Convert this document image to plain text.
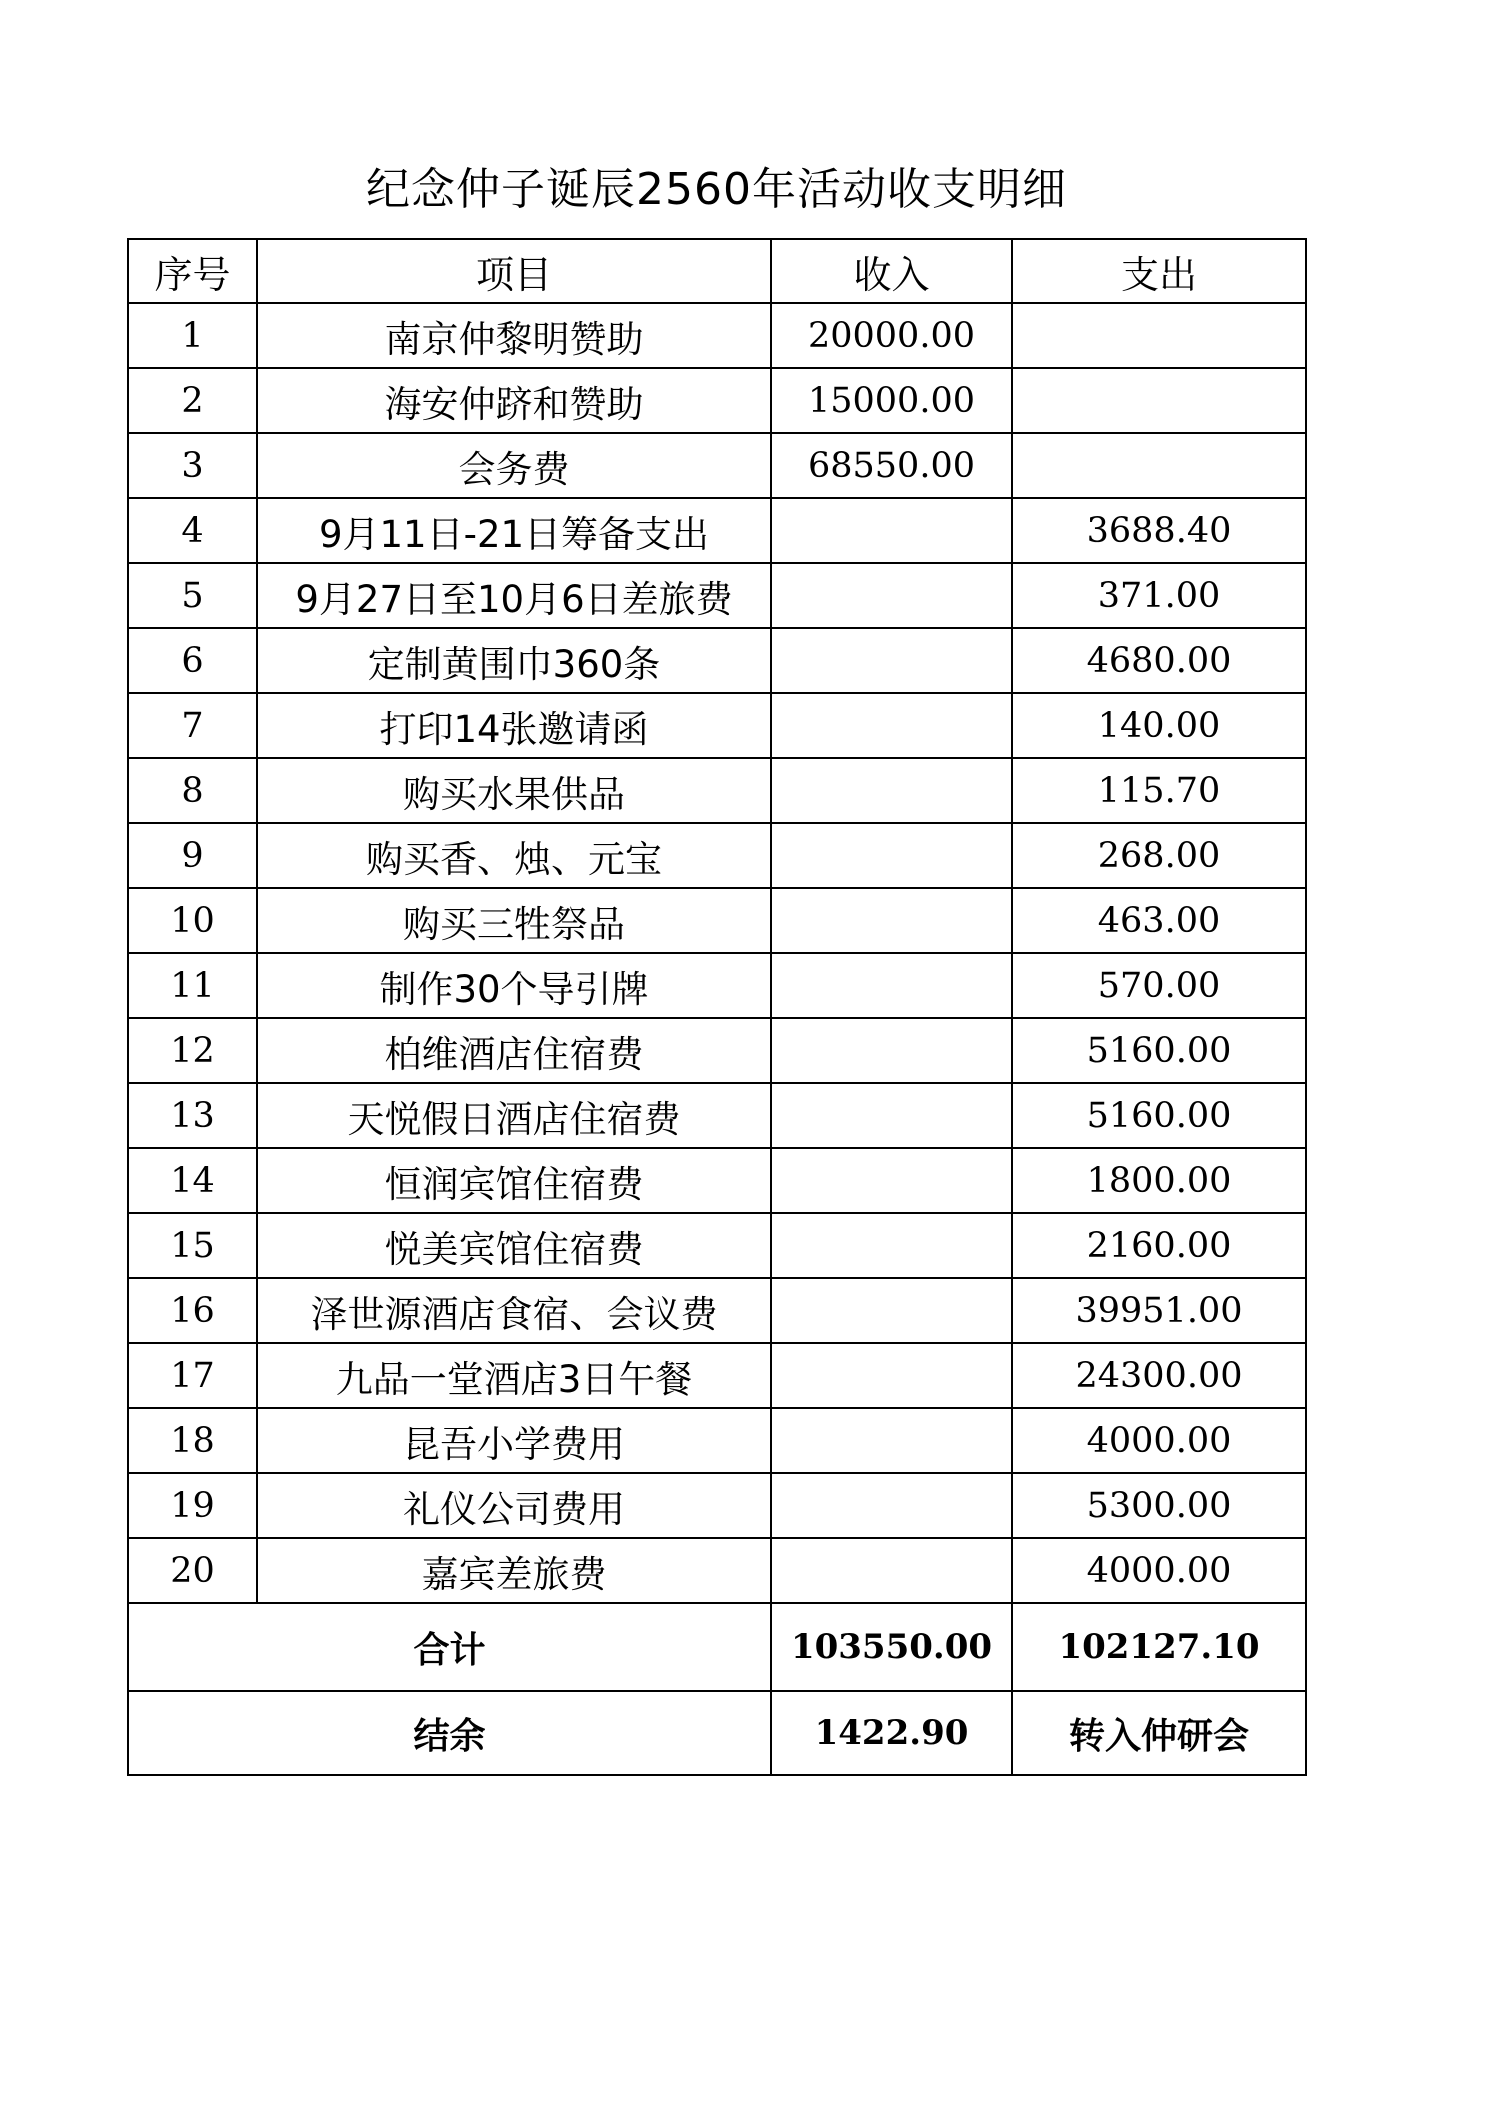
纪念仲子诞辰2560年活动收支明细
序号	项目	收入	支出
1	南京仲黎明赞助	20000.00	
2	海安仲跻和赞助	15000.00	
3	会务费	68550.00	
4	9月11日-21日筹备支出		3688.40
5	9月27日至10月6日差旅费		371.00
6	定制黄围巾360条		4680.00
7	打印14张邀请函		140.00
8	购买水果供品		115.70
9	购买香、烛、元宝		268.00
10	购买三牲祭品		463.00
11	制作30个导引牌		570.00
12	柏维酒店住宿费		5160.00
13	天悦假日酒店住宿费		5160.00
14	恒润宾馆住宿费		1800.00
15	悦美宾馆住宿费		2160.00
16	泽世源酒店食宿、会议费		39951.00
17	九品一堂酒店3日午餐		24300.00
18	昆吾小学费用		4000.00
19	礼仪公司费用		5300.00
20	嘉宾差旅费		4000.00
合计		103550.00	102127.10
结余		1422.90	转入仲研会
